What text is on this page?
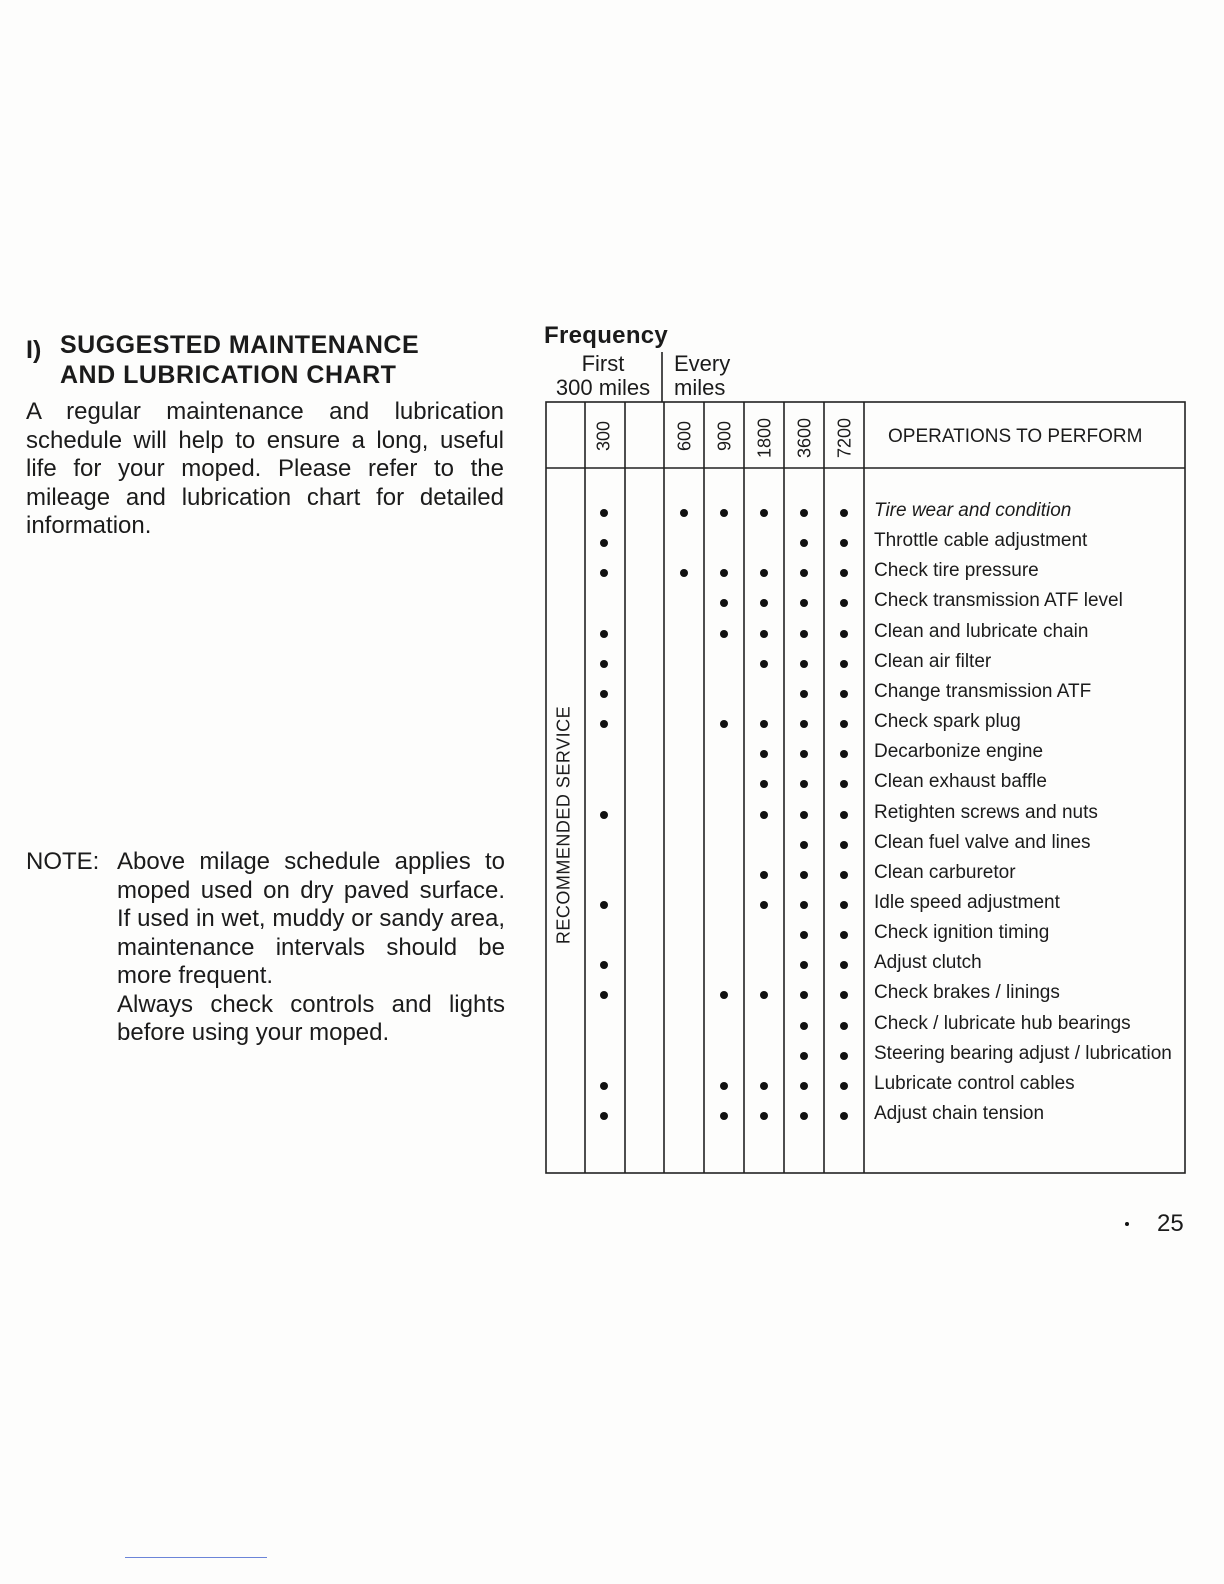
I) SUGGESTED MAINTENANCE
AND LUBRICATION CHART
A regular maintenance and lubrication schedule will help to ensure a long, useful life for your moped. Please refer to the mileage and lubrication chart for detailed information.
NOTE: Above milage schedule applies to moped used on dry paved surface. If used in wet, muddy or sandy area, maintenance intervals should be more frequent.

Always check controls and lights before using your moped.

Frequency
First
300 miles
Every
miles
300	600 900 1800 3600 7200 OPERATIONS TO PERFORM
RECOMMENDED SERVICE
Tire wear and condition
Throttle cable adjustment
Check tire pressure
Check transmission ATF level
Clean and lubricate chain
Clean air filter
Change transmission ATF
Check spark plug
Decarbonize engine
Clean exhaust baffle
Retighten screws and nuts
Clean fuel valve and lines
Clean carburetor
Idle speed adjustment
Check ignition timing
Adjust clutch
Check brakes / linings
Check / lubricate hub bearings
Steering bearing adjust / lubrication
Lubricate control cables
Adjust chain tension
25
